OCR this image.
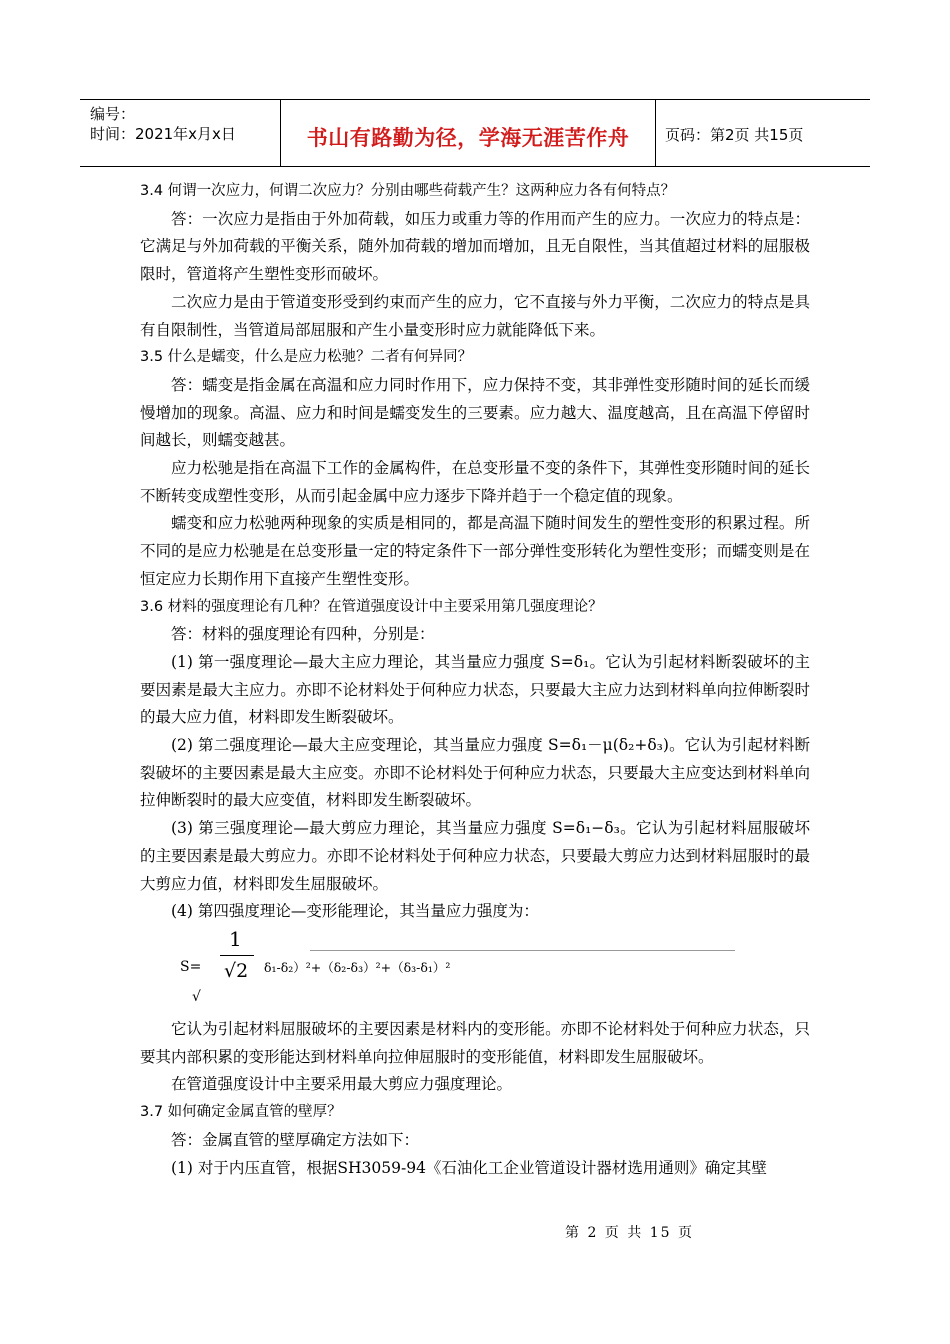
编号：
时间：2021年x月x日	书山有路勤为径，学海无涯苦作舟	页码：第2页 共15页
3.4 何谓一次应力，何谓二次应力？分别由哪些荷载产生？这两种应力各有何特点？
答：一次应力是指由于外加荷载，如压力或重力等的作用而产生的应力。一次应力的特点是：它满足与外加荷载的平衡关系，随外加荷载的增加而增加，且无自限性，当其值超过材料的屈服极限时，管道将产生塑性变形而破坏。
二次应力是由于管道变形受到约束而产生的应力，它不直接与外力平衡，二次应力的特点是具有自限制性，当管道局部屈服和产生小量变形时应力就能降低下来。
3.5 什么是蠕变，什么是应力松驰？二者有何异同？
答：蠕变是指金属在高温和应力同时作用下，应力保持不变，其非弹性变形随时间的延长而缓慢增加的现象。高温、应力和时间是蠕变发生的三要素。应力越大、温度越高，且在高温下停留时间越长，则蠕变越甚。
应力松驰是指在高温下工作的金属构件，在总变形量不变的条件下，其弹性变形随时间的延长不断转变成塑性变形，从而引起金属中应力逐步下降并趋于一个稳定值的现象。
蠕变和应力松驰两种现象的实质是相同的，都是高温下随时间发生的塑性变形的积累过程。所不同的是应力松驰是在总变形量一定的特定条件下一部分弹性变形转化为塑性变形；而蠕变则是在恒定应力长期作用下直接产生塑性变形。
3.6 材料的强度理论有几种？在管道强度设计中主要采用第几强度理论？
答：材料的强度理论有四种，分别是：
(1) 第一强度理论—最大主应力理论，其当量应力强度 S=δ₁。它认为引起材料断裂破坏的主要因素是最大主应力。亦即不论材料处于何种应力状态，只要最大主应力达到材料单向拉伸断裂时的最大应力值，材料即发生断裂破坏。
(2) 第二强度理论—最大主应变理论，其当量应力强度 S=δ₁－μ(δ₂+δ₃)。它认为引起材料断裂破坏的主要因素是最大主应变。亦即不论材料处于何种应力状态，只要最大主应变达到材料单向拉伸断裂时的最大应变值，材料即发生断裂破坏。
(3) 第三强度理论—最大剪应力理论，其当量应力强度 S=δ₁−δ₃。它认为引起材料屈服破坏的主要因素是最大剪应力。亦即不论材料处于何种应力状态，只要最大剪应力达到材料屈服时的最大剪应力值，材料即发生屈服破坏。
(4) 第四强度理论—变形能理论，其当量应力强度为：
S=
1
√2 δ₁-δ₂）²+（δ₂-δ₃）²+（δ₃-δ₁）²
√
它认为引起材料屈服破坏的主要因素是材料内的变形能。亦即不论材料处于何种应力状态，只要其内部积累的变形能达到材料单向拉伸屈服时的变形能值，材料即发生屈服破坏。
在管道强度设计中主要采用最大剪应力强度理论。
3.7 如何确定金属直管的壁厚？
答：金属直管的壁厚确定方法如下：
(1) 对于内压直管，根据SH3059-94《石油化工企业管道设计器材选用通则》确定其壁
第 2 页 共 15 页
